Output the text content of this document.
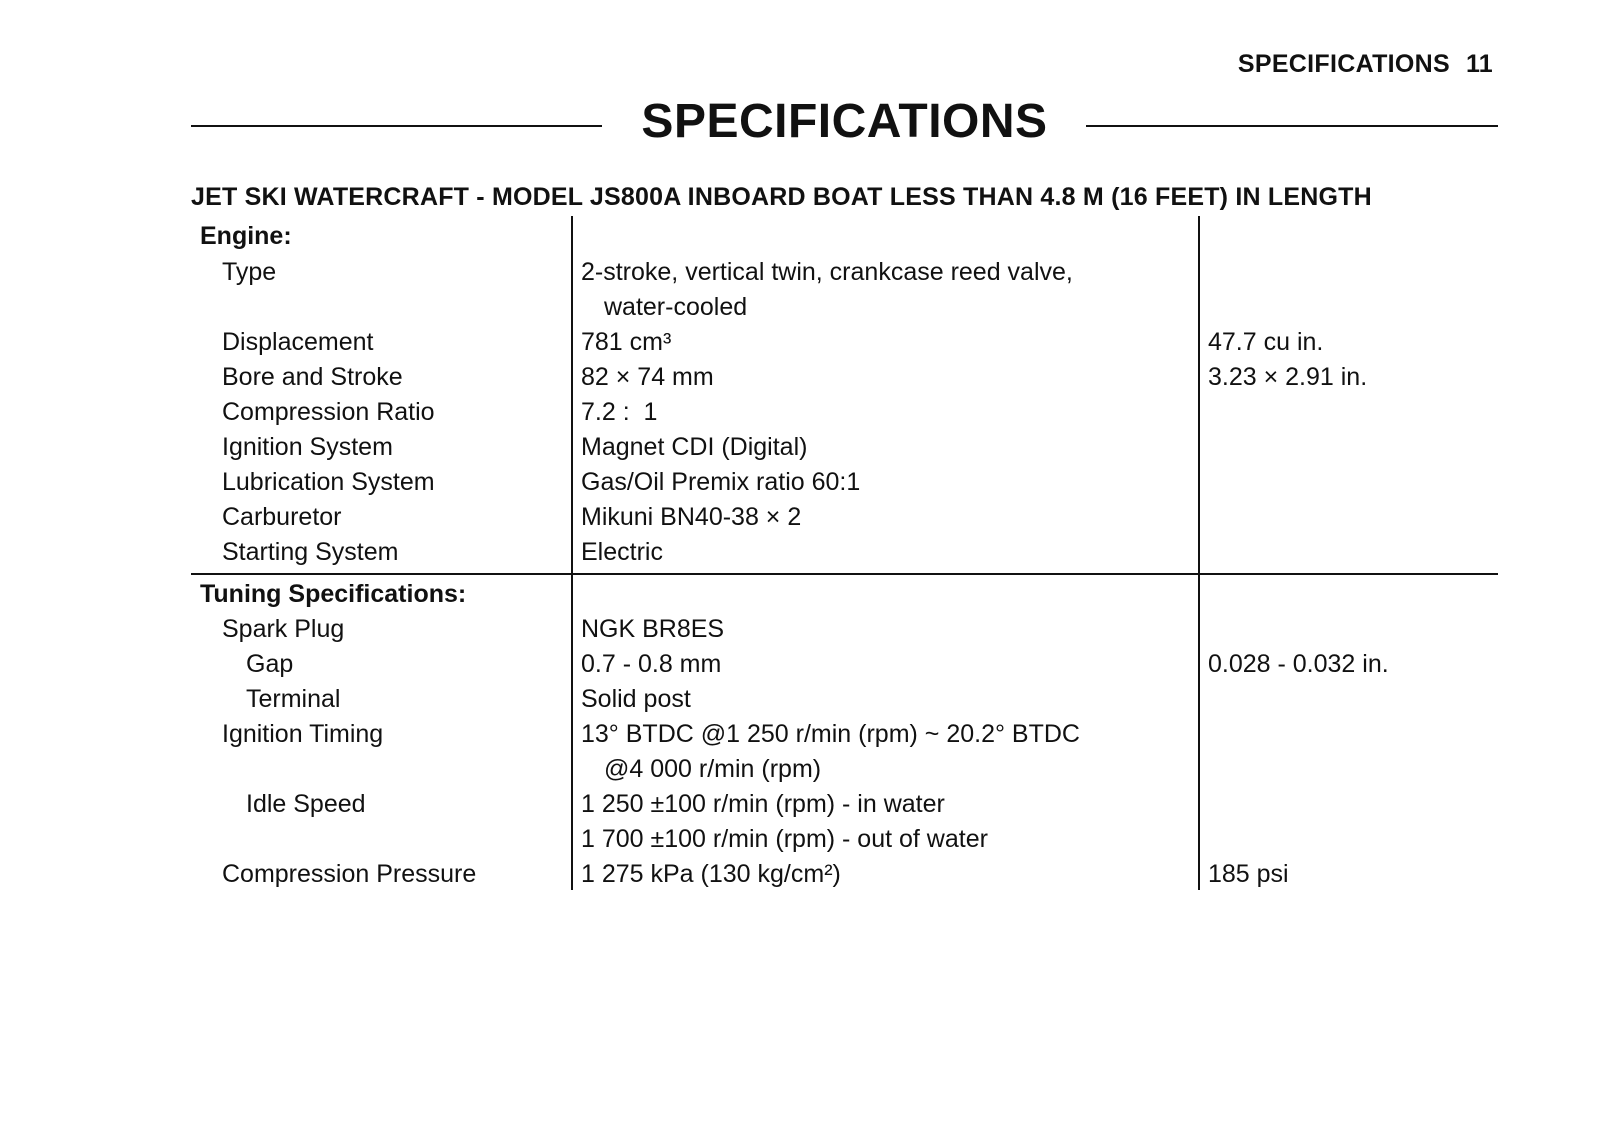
SPECIFICATIONS 11
SPECIFICATIONS
JET SKI WATERCRAFT - MODEL JS800A INBOARD BOAT LESS THAN 4.8 M (16 FEET) IN LENGTH
Engine:
Type	2-stroke, vertical twin, crankcase reed valve,
water-cooled
Displacement	781 cm³	47.7 cu in.
Bore and Stroke	82 × 74 mm	3.23 × 2.91 in.
Compression Ratio	7.2 :  1
Ignition System	Magnet CDI (Digital)
Lubrication System	Gas/Oil Premix ratio 60:1
Carburetor	Mikuni BN40-38 × 2
Starting System	Electric
Tuning Specifications:
Spark Plug	NGK BR8ES
Gap	0.7 - 0.8 mm	0.028 - 0.032 in.
Terminal	Solid post
Ignition Timing	13° BTDC @1 250 r/min (rpm) ~ 20.2° BTDC
@4 000 r/min (rpm)
Idle Speed	1 250 ±100 r/min (rpm) - in water
1 700 ±100 r/min (rpm) - out of water
Compression Pressure	1 275 kPa (130 kg/cm²)	185 psi
